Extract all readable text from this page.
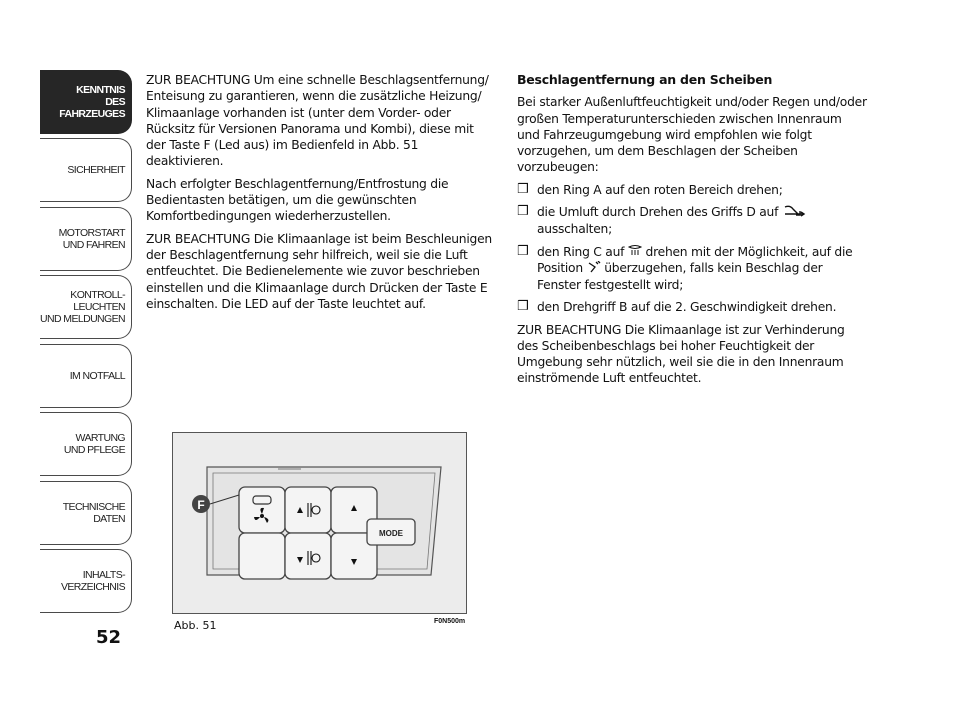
KENNTNIS
DES FAHRZEUGES
SICHERHEIT
MOTORSTART
UND FAHREN
KONTROLL-
LEUCHTEN
UND MELDUNGEN
IM NOTFALL
WARTUNG
UND PFLEGE
TECHNISCHE
DATEN
INHALTS-
VERZEICHNIS
52

ZUR BEACHTUNG Um eine schnelle Beschlagsentfernung/ Enteisung zu garantieren, wenn die zusätzliche Heizung/ Klimaanlage vorhanden ist (unter dem Vorder- oder Rücksitz für Versionen Panorama und Kombi), diese mit der Taste F (Led aus) im Bedienfeld in Abb. 51 deaktivieren.

Nach erfolgter Beschlagentfernung/Entfrostung die Bedientasten betätigen, um die gewünschten Komfortbedingungen wiederherzustellen.

ZUR BEACHTUNG Die Klimaanlage ist beim Beschleunigen der Beschlagentfernung sehr hilfreich, weil sie die Luft entfeuchtet. Die Bedienelemente wie zuvor beschrieben einstellen und die Klimaanlage durch Drücken der Taste E einschalten. Die LED auf der Taste leuchtet auf.

Beschlagentfernung an den Scheiben

Bei starker Außenluftfeuchtigkeit und/oder Regen und/oder großen Temperaturunterschieden zwischen Innenraum und Fahrzeugumgebung wird empfohlen wie folgt vorzugehen, um dem Beschlagen der Scheiben vorzubeugen:

❒ den Ring A auf den roten Bereich drehen;
❒ die Umluft durch Drehen des Griffs D auf
ausschalten;
❒ den Ring C auf drehen mit der Möglichkeit, auf die Position überzugehen, falls kein Beschlag der Fenster festgestellt wird;
❒ den Drehgriff B auf die 2. Geschwindigkeit drehen.

ZUR BEACHTUNG Die Klimaanlage ist zur Verhinderung des Scheibenbeschlags bei hoher Feuchtigkeit der Umgebung sehr nützlich, weil sie die in den Innenraum einströmende Luft entfeuchtet.

MODE
F
Abb. 51	F0N500m
